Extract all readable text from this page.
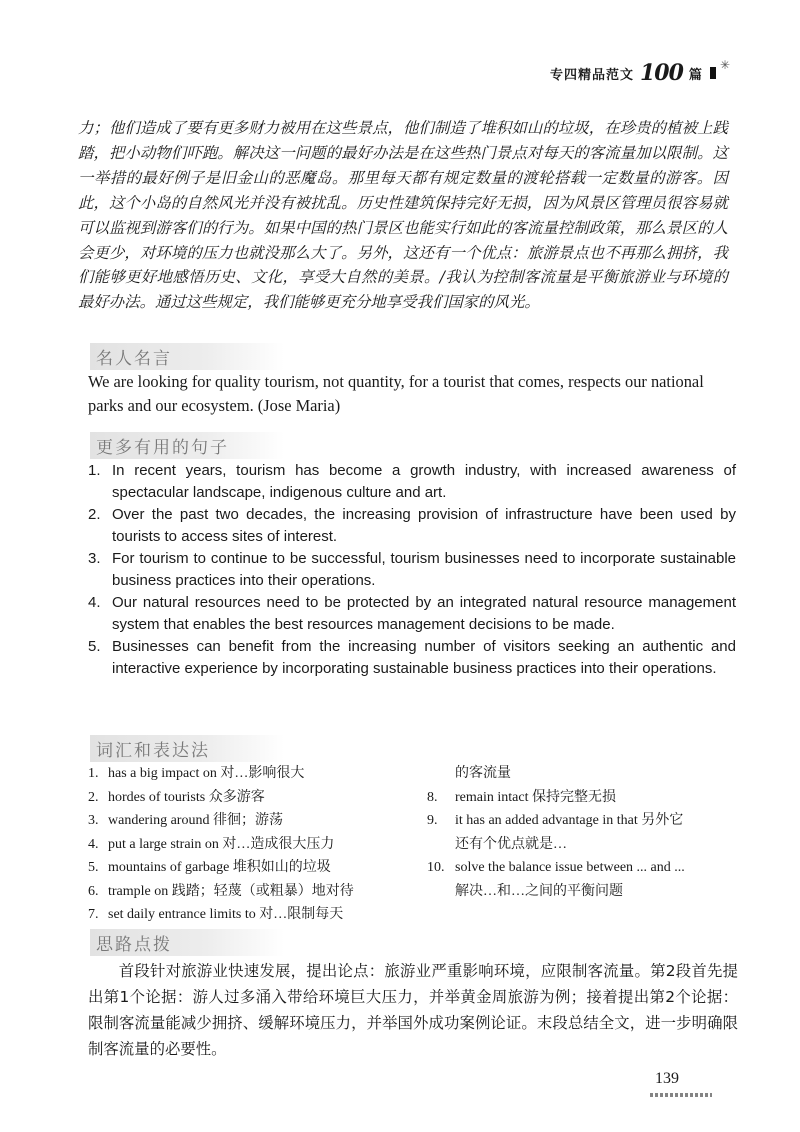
专四精品范文 100 篇
✳

力；他们造成了要有更多财力被用在这些景点，他们制造了堆积如山的垃圾，在珍贵的植被上践踏，把小动物们吓跑。解决这一问题的最好办法是在这些热门景点对每天的客流量加以限制。这一举措的最好例子是旧金山的恶魔岛。那里每天都有规定数量的渡轮搭载一定数量的游客。因此，这个小岛的自然风光并没有被扰乱。历史性建筑保持完好无损，因为风景区管理员很容易就可以监视到游客们的行为。如果中国的热门景区也能实行如此的客流量控制政策，那么景区的人会更少，对环境的压力也就没那么大了。另外，这还有一个优点：旅游景点也不再那么拥挤，我们能够更好地感悟历史、文化，享受大自然的美景。/我认为控制客流量是平衡旅游业与环境的最好办法。通过这些规定，我们能够更充分地享受我们国家的风光。

名人名言

We are looking for quality tourism, not quantity, for a tourist that comes, respects our national parks and our ecosystem. (Jose Maria)

更多有用的句子
1. In recent years, tourism has become a growth industry, with increased awareness of spectacular landscape, indigenous culture and art.
2. Over the past two decades, the increasing provision of infrastructure have been used by tourists to access sites of interest.
3. For tourism to continue to be successful, tourism businesses need to incorporate sustainable business practices into their operations.
4. Our natural resources need to be protected by an integrated natural resource management system that enables the best resources management decisions to be made.
5. Businesses can benefit from the increasing number of visitors seeking an authentic and interactive experience by incorporating sustainable business practices into their operations.
词汇和表达法
1. has a big impact on 对…影响很大
2. hordes of tourists 众多游客
3. wandering around 徘徊；游荡
4. put a large strain on 对…造成很大压力
5. mountains of garbage 堆积如山的垃圾
6. trample on 践踏；轻蔑（或粗暴）地对待
7. set daily entrance limits to 对…限制每天
的客流量
8. remain intact 保持完整无损
9. it has an added advantage in that 另外它
还有个优点就是…
10. solve the balance issue between ... and ...
解决…和…之间的平衡问题
思路点拨

首段针对旅游业快速发展，提出论点：旅游业严重影响环境，应限制客流量。第2段首先提出第1个论据：游人过多涌入带给环境巨大压力，并举黄金周旅游为例；接着提出第2个论据：限制客流量能减少拥挤、缓解环境压力，并举国外成功案例论证。末段总结全文，进一步明确限制客流量的必要性。

139
